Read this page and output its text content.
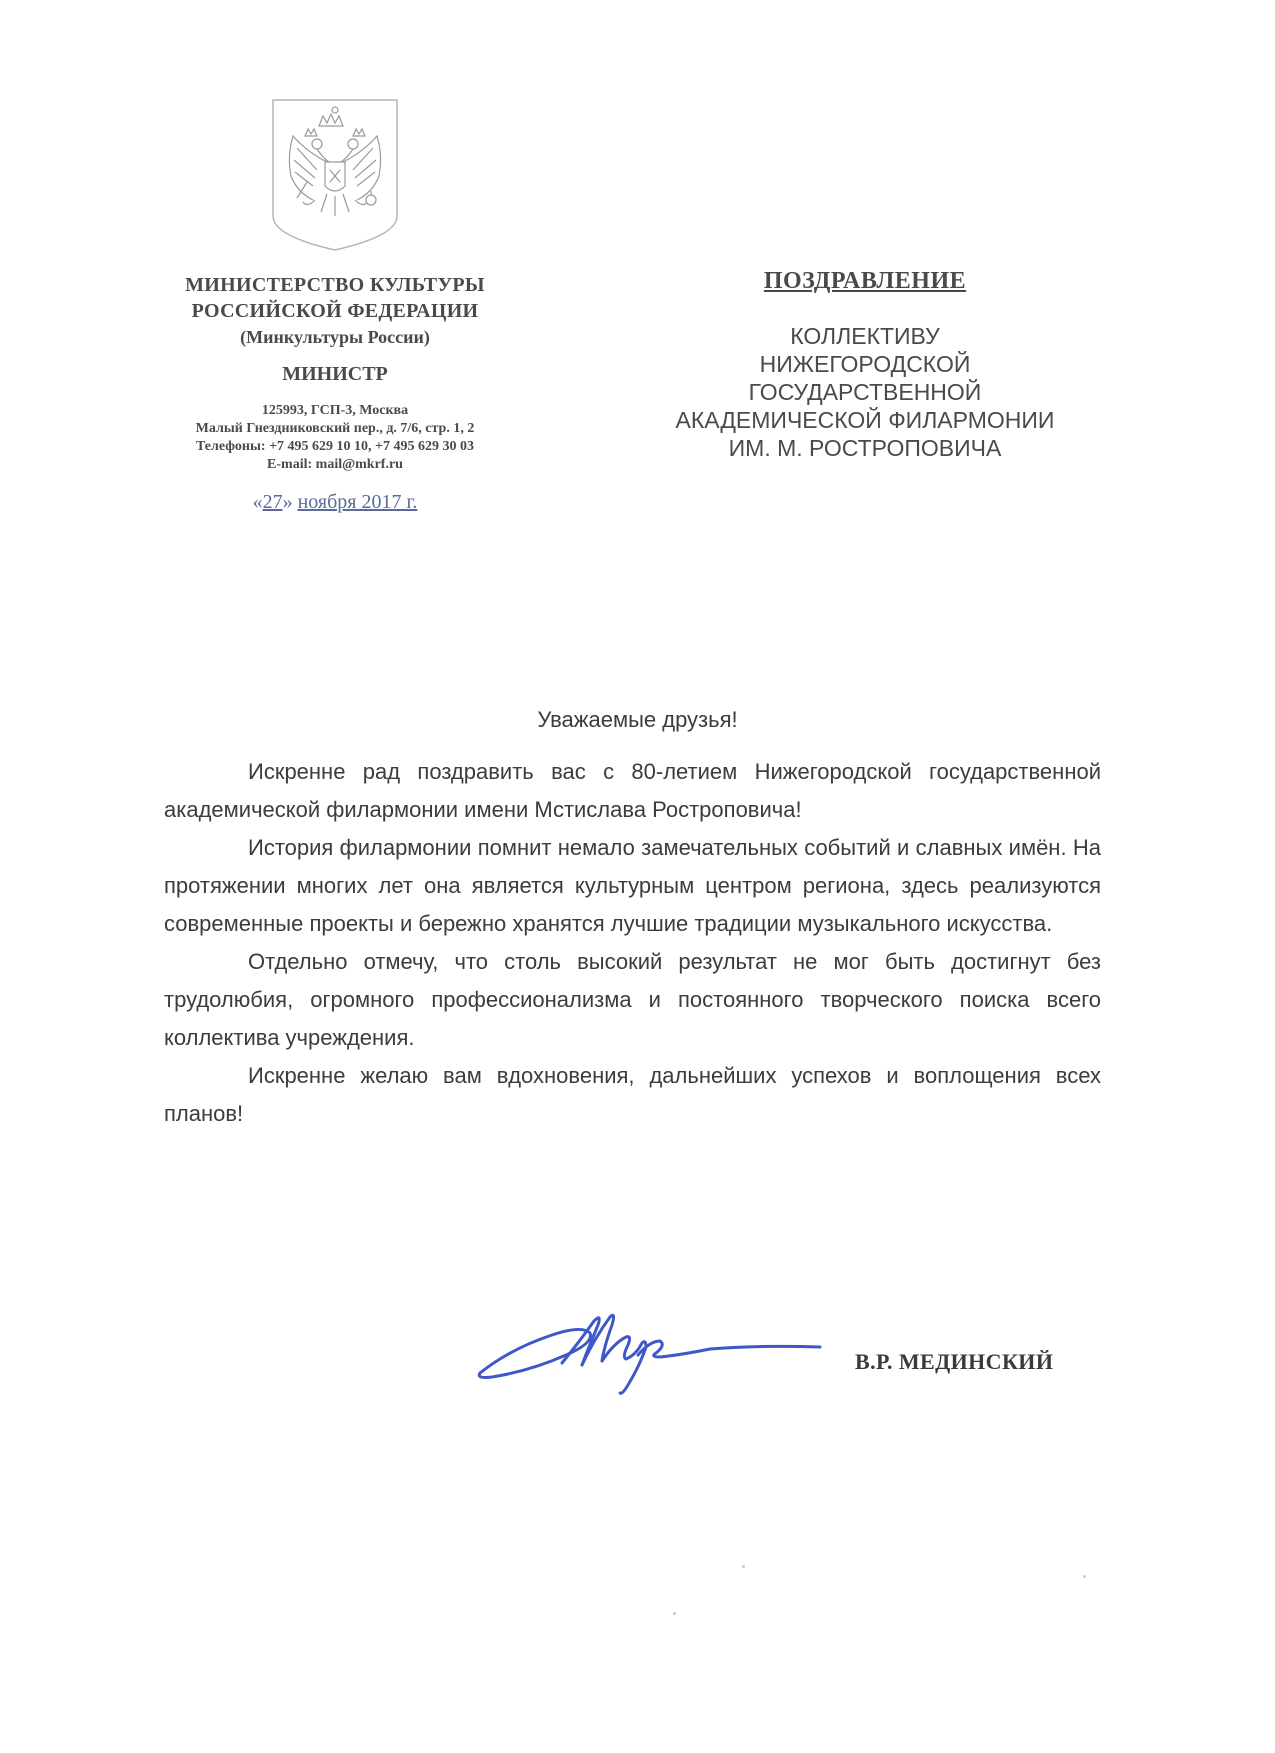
МИНИСТЕРСТВО КУЛЬТУРЫ

РОССИЙСКОЙ ФЕДЕРАЦИИ

(Минкультуры России)

МИНИСТР

125993, ГСП-3, Москва

Малый Гнездниковский пер., д. 7/6, стр. 1, 2

Телефоны: +7 495 629 10 10, +7 495 629 30 03

E-mail: mail@mkrf.ru

«27» ноября 2017 г.

ПОЗДРАВЛЕНИЕ

КОЛЛЕКТИВУ

НИЖЕГОРОДСКОЙ

ГОСУДАРСТВЕННОЙ

АКАДЕМИЧЕСКОЙ ФИЛАРМОНИИ

ИМ. М. РОСТРОПОВИЧА

Уважаемые друзья!

Искренне рад поздравить вас с 80-летием Нижегородской государственной академической филармонии имени Мстислава Ростроповича!

История филармонии помнит немало замечательных событий и славных имён. На протяжении многих лет она является культурным центром региона, здесь реализуются современные проекты и бережно хранятся лучшие традиции музыкального искусства.

Отдельно отмечу, что столь высокий результат не мог быть достигнут без трудолюбия, огромного профессионализма и постоянного творческого поиска всего коллектива учреждения.

Искренне желаю вам вдохновения, дальнейших успехов и воплощения всех планов!

В.Р. МЕДИНСКИЙ
